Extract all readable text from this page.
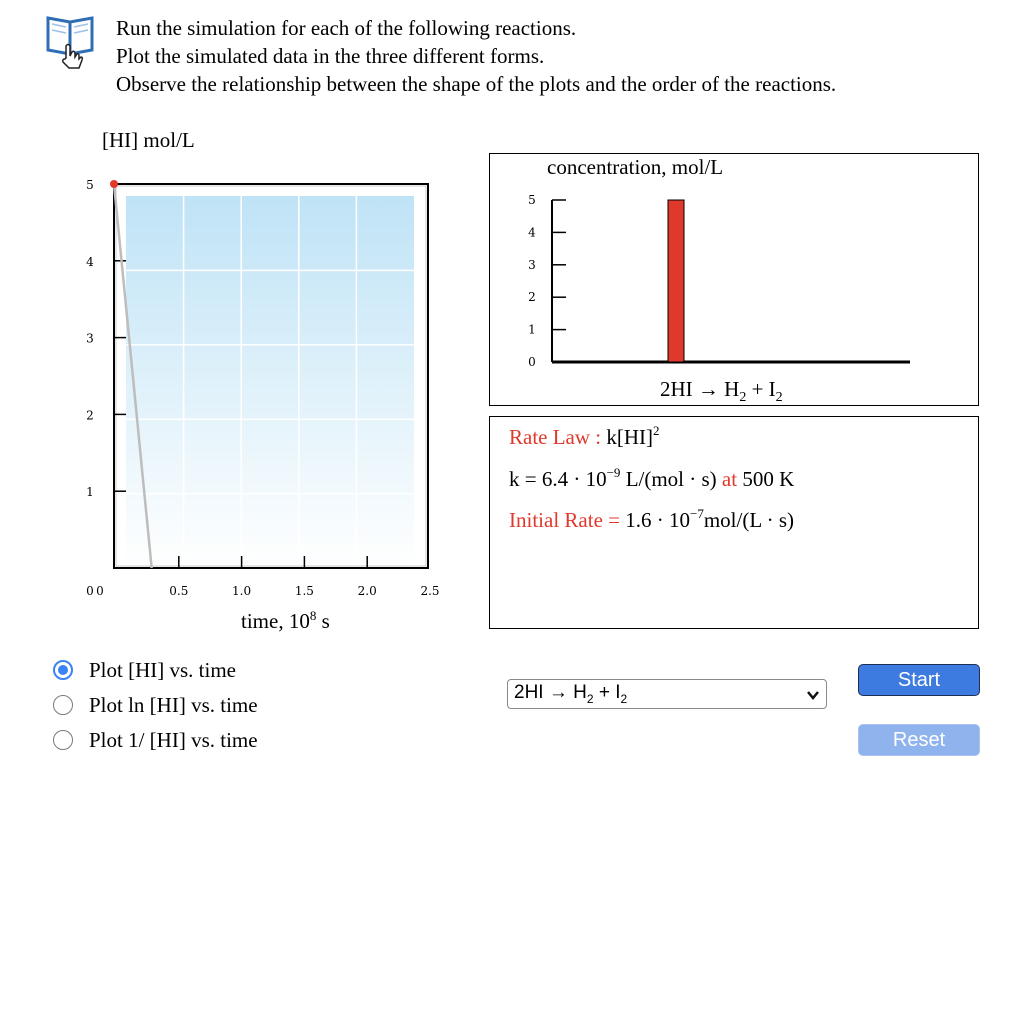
Run the simulation for each of the following reactions.
Plot the simulated data in the three different forms.
Observe the relationship between the shape of the plots and the order of the reactions.
[HI] mol/L
time, $10^8$ s
0
1
2
3
4
5
0	0.5	1.0	1.5	2.0	2.5
concentration, mol/L
0
1
2
3
4
5
$2HI \to H_2 + I_2$
Rate Law : k[HI]$^2$
$k = 6.4 \cdot 10^{-9}$ L/(mol · s) at 500 K
Initial Rate = $1.6 \cdot 10^{-7}mol/(L \cdot s)$
Plot [HI] vs. time
Plot ln [HI] vs. time
Plot 1/ [HI] vs. time
$2HI \to H_2 + I_2$
Start
Reset
